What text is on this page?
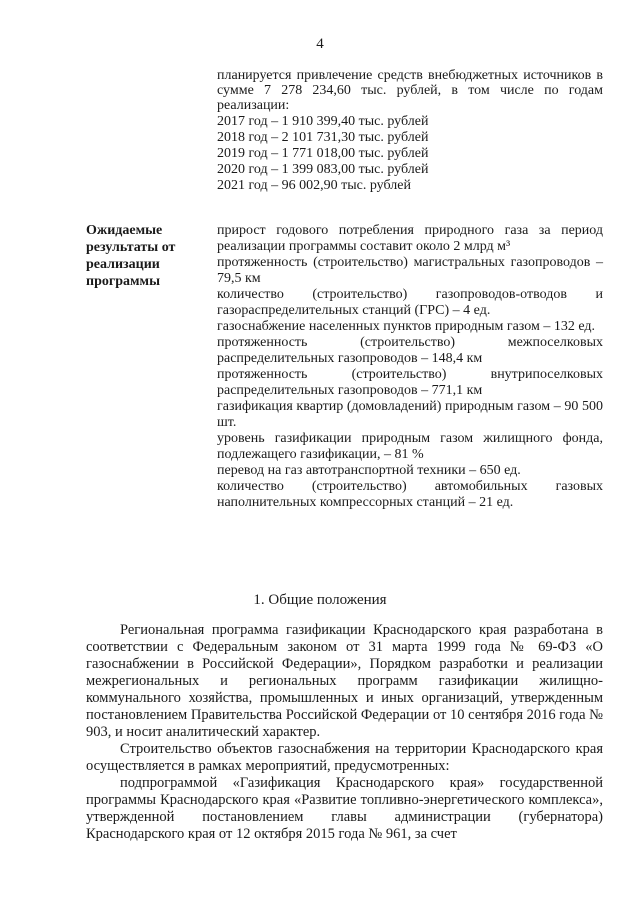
4
планируется привлечение средств внебюджетных источников в сумме 7 278 234,60 тыс. рублей, в том числе по годам реализации:
2017 год – 1 910 399,40 тыс. рублей
2018 год – 2 101 731,30 тыс. рублей
2019 год – 1 771 018,00 тыс. рублей
2020 год – 1 399 083,00 тыс. рублей
2021 год – 96 002,90 тыс. рублей
Ожидаемые результаты от реализации программы
прирост годового потребления природного газа за период реализации программы составит около 2 млрд м³
протяженность (строительство) магистральных газопроводов – 79,5 км
количество (строительство) газопроводов-отводов и газораспределительных станций (ГРС) – 4 ед.
газоснабжение населенных пунктов природным газом – 132 ед.
протяженность (строительство) межпоселковых распределительных газопроводов – 148,4 км
протяженность (строительство) внутрипоселковых распределительных газопроводов – 771,1 км
газификация квартир (домовладений) природным газом – 90 500 шт.
уровень газификации природным газом жилищного фонда, подлежащего газификации, – 81 %
перевод на газ автотранспортной техники – 650 ед.
количество (строительство) автомобильных газовых наполнительных компрессорных станций – 21 ед.
1. Общие положения

Региональная программа газификации Краснодарского края разработана в соответствии с Федеральным законом от 31 марта 1999 года № 69-ФЗ «О газоснабжении в Российской Федерации», Порядком разработки и реализации межрегиональных и региональных программ газификации жилищно-коммунального хозяйства, промышленных и иных организаций, утвержденным постановлением Правительства Российской Федерации от 10 сентября 2016 года № 903, и носит аналитический характер.

Строительство объектов газоснабжения на территории Краснодарского края осуществляется в рамках мероприятий, предусмотренных:

подпрограммой «Газификация Краснодарского края» государственной программы Краснодарского края «Развитие топливно-энергетического комплекса», утвержденной постановлением главы администрации (губернатора) Краснодарского края от 12 октября 2015 года № 961, за счет
